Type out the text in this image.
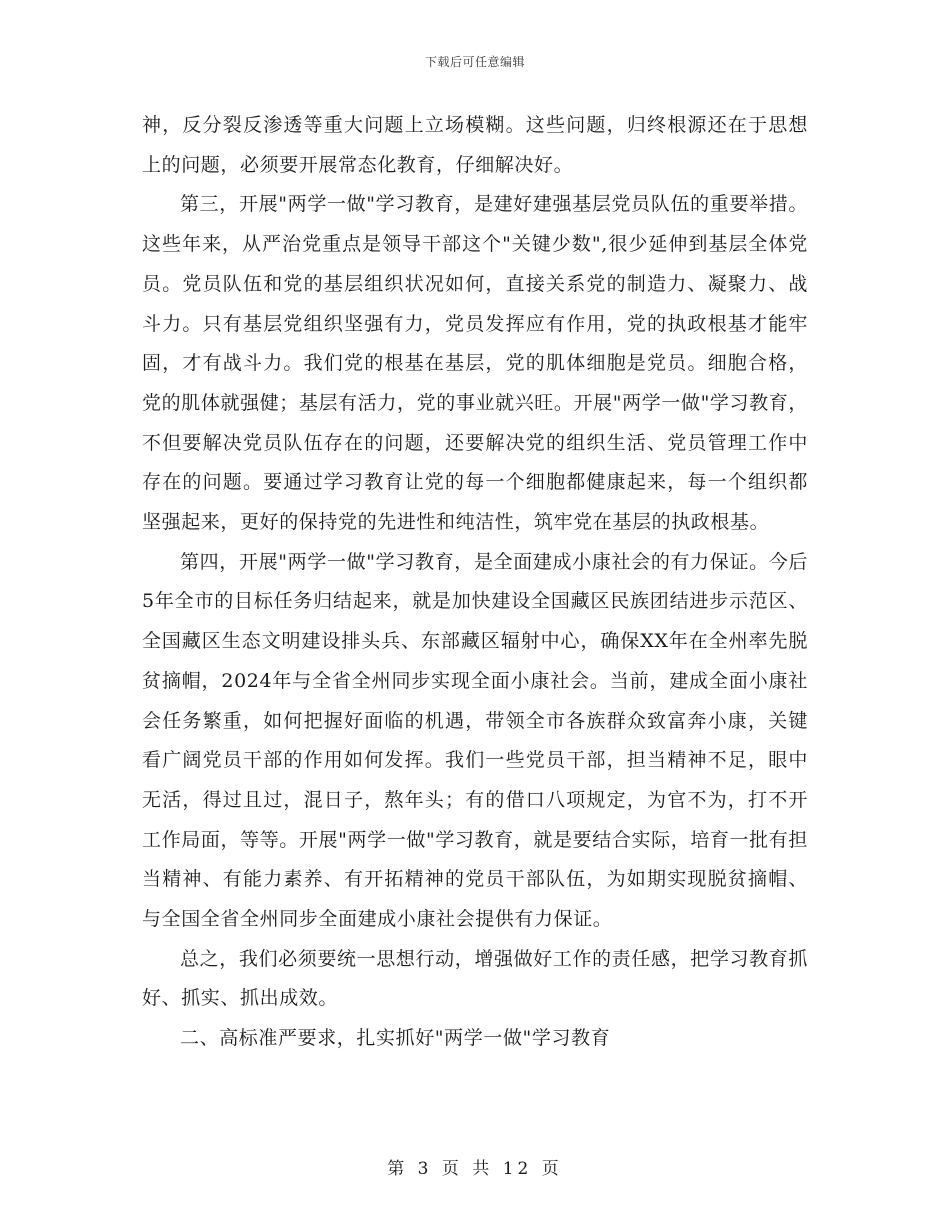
下载后可任意编辑

神，反分裂反渗透等重大问题上立场模糊。这些问题，归终根源还在于思想上的问题，必须要开展常态化教育，仔细解决好。

第三，开展"两学一做"学习教育，是建好建强基层党员队伍的重要举措。这些年来，从严治党重点是领导干部这个"关键少数",很少延伸到基层全体党员。党员队伍和党的基层组织状况如何，直接关系党的制造力、凝聚力、战斗力。只有基层党组织坚强有力，党员发挥应有作用，党的执政根基才能牢固，才有战斗力。我们党的根基在基层，党的肌体细胞是党员。细胞合格，党的肌体就强健；基层有活力，党的事业就兴旺。开展"两学一做"学习教育，不但要解决党员队伍存在的问题，还要解决党的组织生活、党员管理工作中存在的问题。要通过学习教育让党的每一个细胞都健康起来，每一个组织都坚强起来，更好的保持党的先进性和纯洁性，筑牢党在基层的执政根基。

第四，开展"两学一做"学习教育，是全面建成小康社会的有力保证。今后5年全市的目标任务归结起来，就是加快建设全国藏区民族团结进步示范区、全国藏区生态文明建设排头兵、东部藏区辐射中心，确保XX年在全州率先脱贫摘帽，2024年与全省全州同步实现全面小康社会。当前，建成全面小康社会任务繁重，如何把握好面临的机遇，带领全市各族群众致富奔小康，关键看广阔党员干部的作用如何发挥。我们一些党员干部，担当精神不足，眼中无活，得过且过，混日子，熬年头；有的借口八项规定，为官不为，打不开工作局面，等等。开展"两学一做"学习教育，就是要结合实际，培育一批有担当精神、有能力素养、有开拓精神的党员干部队伍，为如期实现脱贫摘帽、与全国全省全州同步全面建成小康社会提供有力保证。

总之，我们必须要统一思想行动，增强做好工作的责任感，把学习教育抓好、抓实、抓出成效。

二、高标准严要求，扎实抓好"两学一做"学习教育

第 3 页 共 12 页
